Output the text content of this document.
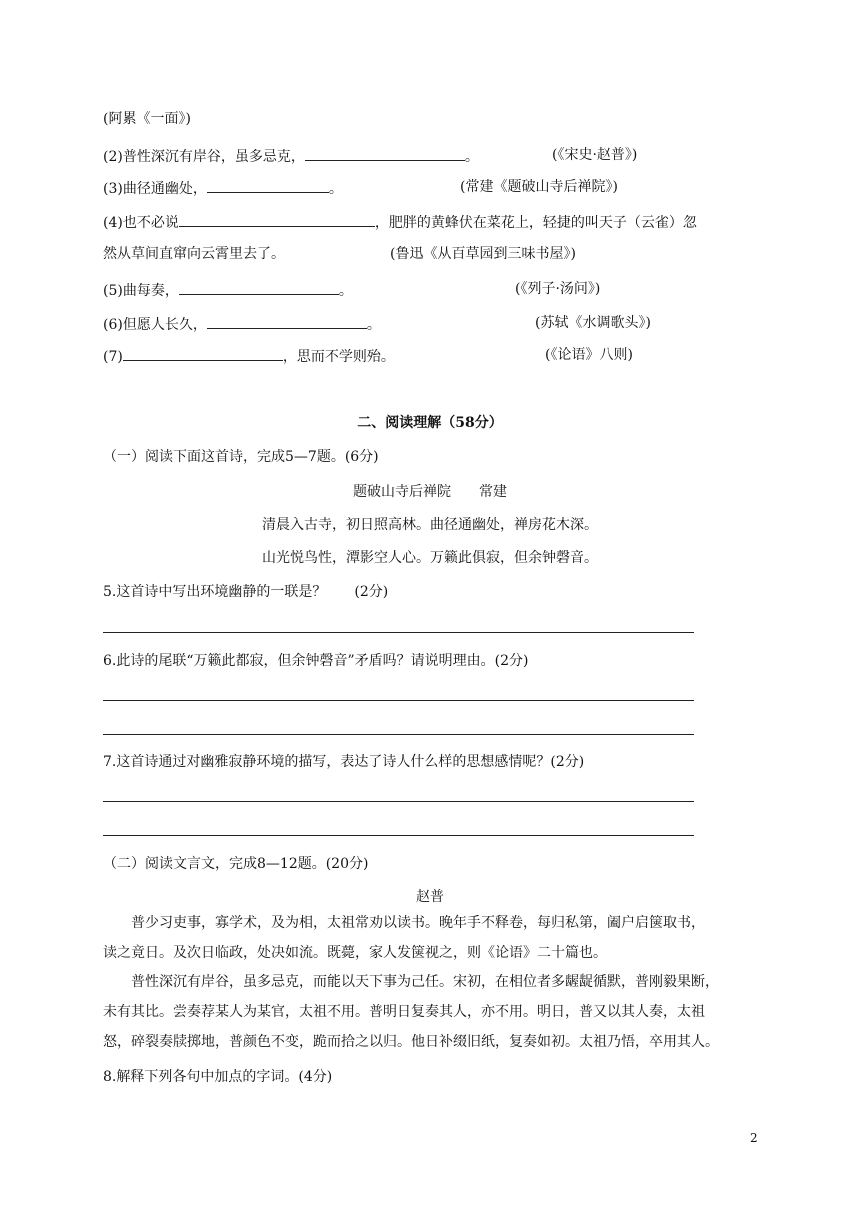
(阿累《一面》)
(2)普性深沉有岸谷，虽多忌克，	。	(《宋史·赵普》)
(3)曲径通幽处，	。	(常建《题破山寺后禅院》)
(4)也不必说	，肥胖的黄蜂伏在菜花上，轻捷的叫天子（云雀）忽
然从草间直窜向云霄里去了。	(鲁迅《从百草园到三味书屋》)
(5)曲每奏，	。	(《列子·汤问》)
(6)但愿人长久，	。	(苏轼《水调歌头》)
(7)	，思而不学则殆。	(《论语》八则)
二、阅读理解（58分）
（一）阅读下面这首诗，完成5—7题。(6分)
题破山寺后禅院　　常建
清晨入古寺，初日照高林。曲径通幽处，禅房花木深。
山光悦鸟性，潭影空人心。万籁此俱寂，但余钟磬音。
5.这首诗中写出环境幽静的一联是？　　(2分)
6.此诗的尾联“万籁此都寂，但余钟磬音”矛盾吗？请说明理由。(2分)
7.这首诗通过对幽雅寂静环境的描写，表达了诗人什么样的思想感情呢？(2分)
（二）阅读文言文，完成8—12题。(20分)
赵普
普少习吏事，寡学术，及为相，太祖常劝以读书。晚年手不释卷，每归私第，阖户启箧取书，
读之竟日。及次日临政，处决如流。既薨，家人发箧视之，则《论语》二十篇也。
普性深沉有岸谷，虽多忌克，而能以天下事为己任。宋初，在相位者多龌龊循默，普刚毅果断，
未有其比。尝奏荐某人为某官，太祖不用。普明日复奏其人，亦不用。明日，普又以其人奏，太祖
怒，碎裂奏牍掷地，普颜色不变，跪而拾之以归。他日补缀旧纸，复奏如初。太祖乃悟，卒用其人。
8.解释下列各句中加点的字词。(4分)
2
